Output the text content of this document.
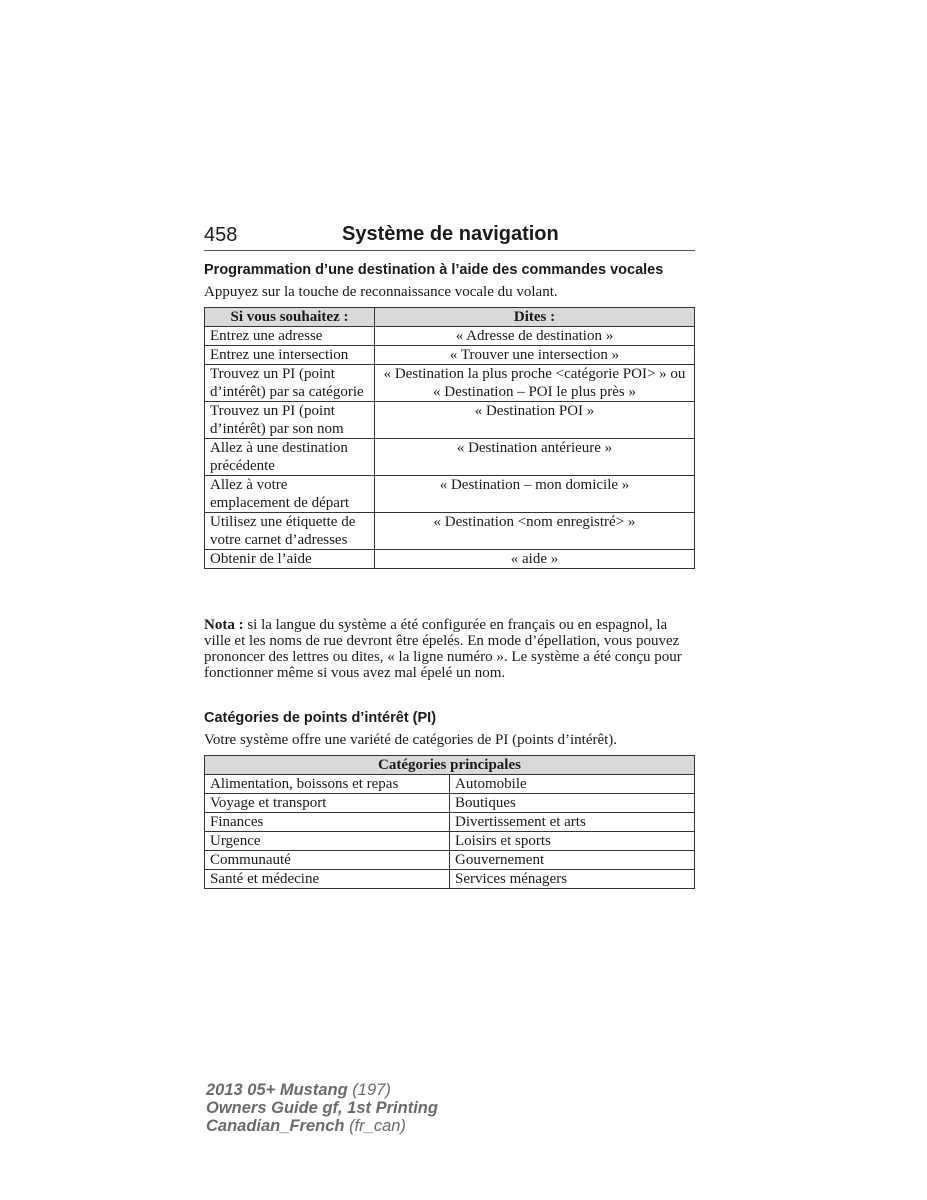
458	Système de navigation
Programmation d’une destination à l’aide des commandes vocales
Appuyez sur la touche de reconnaissance vocale du volant.
Si vous souhaitez :	Dites :
Entrez une adresse	« Adresse de destination »
Entrez une intersection	« Trouver une intersection »
Trouvez un PI (point d’intérêt) par sa catégorie	« Destination la plus proche <catégorie POI> » ou « Destination – POI le plus près »
Trouvez un PI (point d’intérêt) par son nom	« Destination POI »
Allez à une destination précédente	« Destination antérieure »
Allez à votre emplacement de départ	« Destination – mon domicile »
Utilisez une étiquette de votre carnet d’adresses	« Destination <nom enregistré> »
Obtenir de l’aide	« aide »
Nota : si la langue du système a été configurée en français ou en espagnol, la ville et les noms de rue devront être épelés. En mode d’épellation, vous pouvez prononcer des lettres ou dites, « la ligne numéro ». Le système a été conçu pour fonctionner même si vous avez mal épelé un nom.
Catégories de points d’intérêt (PI)
Votre système offre une variété de catégories de PI (points d’intérêt).
Catégories principales	
Alimentation, boissons et repas	Automobile
Voyage et transport	Boutiques
Finances	Divertissement et arts
Urgence	Loisirs et sports
Communauté	Gouvernement
Santé et médecine	Services ménagers
2013 05+ Mustang (197)
Owners Guide gf, 1st Printing
Canadian_French (fr_can)
